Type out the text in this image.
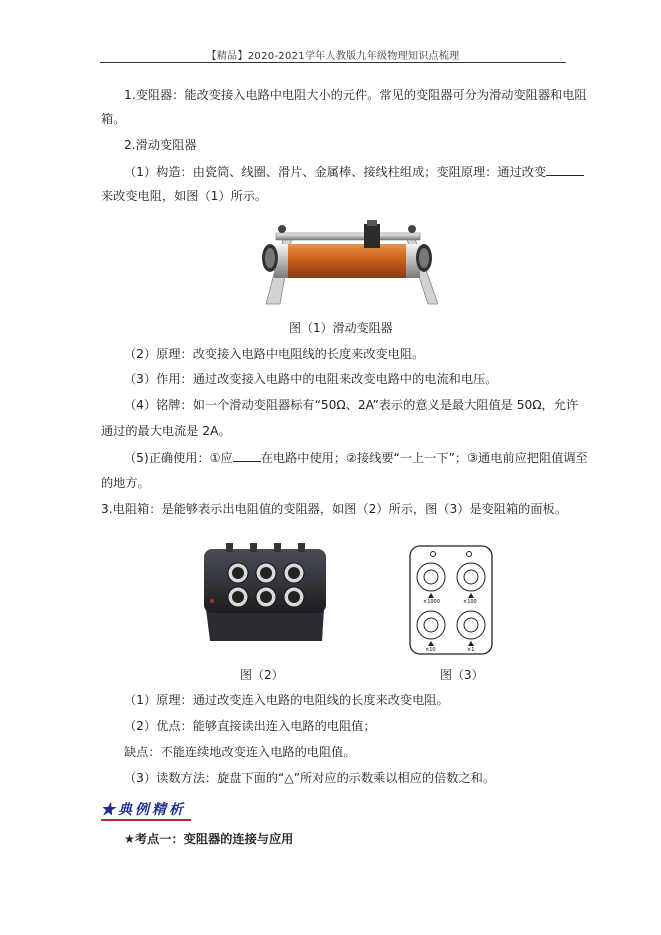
【精品】2020-2021学年人教版九年级物理知识点梳理
1.变阻器：能改变接入电路中电阻大小的元件。常见的变阻器可分为滑动变阻器和电阻
箱。
2.滑动变阻器
（1）构造：由瓷筒、线圈、滑片、金属棒、接线柱组成；变阻原理：通过改变
来改变电阻，如图（1）所示。
图（1）滑动变阻器
（2）原理：改变接入电路中电阻线的长度来改变电阻。
（3）作用：通过改变接入电路中的电阻来改变电路中的电流和电压。
（4）铭牌：如一个滑动变阻器标有“50Ω、2A”表示的意义是最大阻值是 50Ω，允许
通过的最大电流是 2A。
（5)正确使用：①应 在电路中使用；②接线要“一上一下”；③通电前应把阻值调至
的地方。
3.电阻箱：是能够表示出电阻值的变阻器，如图（2）所示，图（3）是变阻箱的面板。
图（2）
×1000	×100
×10	×1
图（3）
（1）原理：通过改变连入电路的电阻线的长度来改变电阻。
（2）优点：能够直接读出连入电路的电阻值；
缺点：不能连续地改变连入电路的电阻值。
（3）读数方法：旋盘下面的“△”所对应的示数乘以相应的倍数之和。
★典例精析
★考点一：变阻器的连接与应用
